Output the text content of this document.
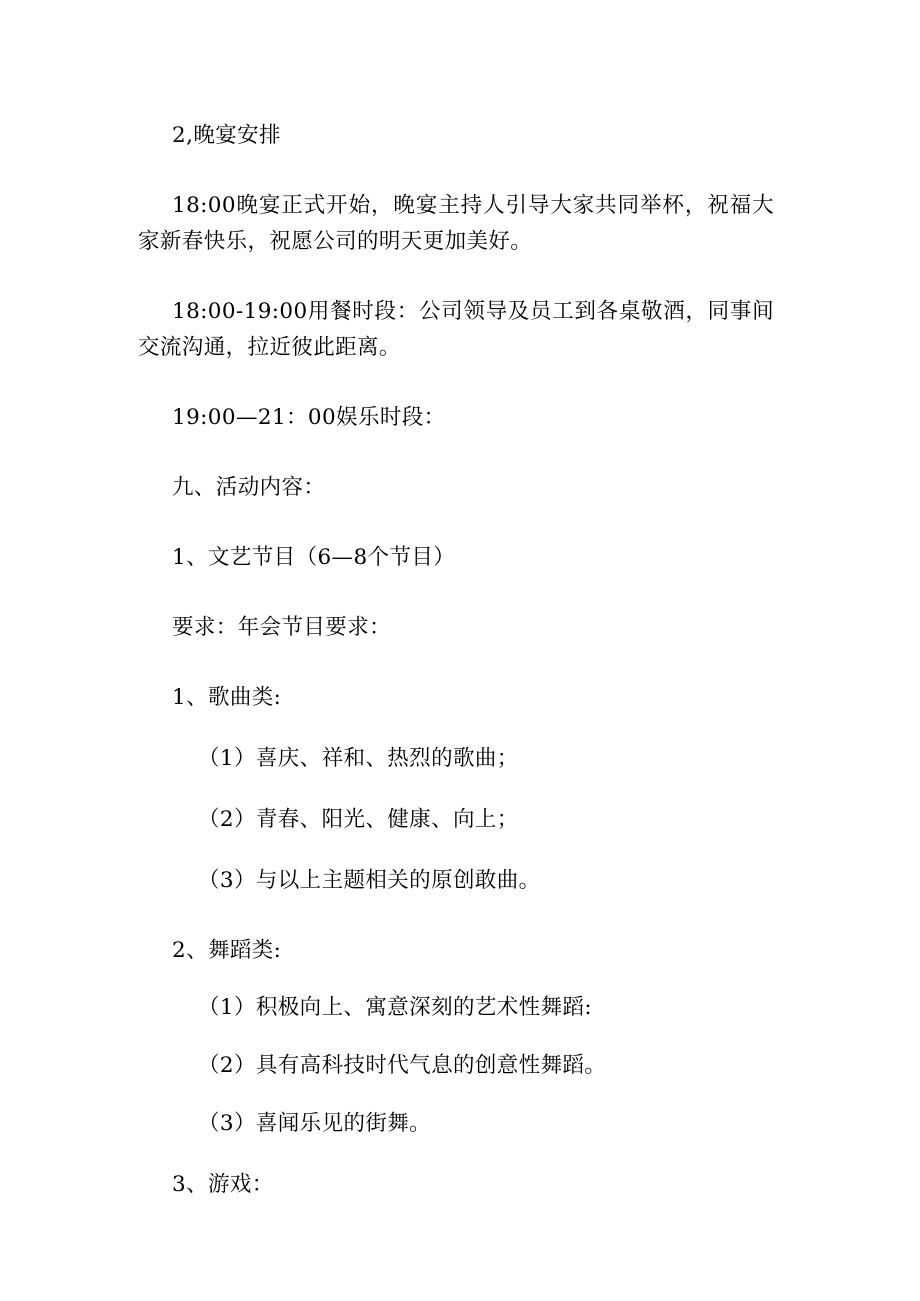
2,晚宴安排

18:00晚宴正式开始，晚宴主持人引导大家共同举杯，祝福大家新春快乐，祝愿公司的明天更加美好。

18:00-19:00用餐时段：公司领导及员工到各桌敬酒，同事间交流沟通，拉近彼此距离。

19:00—21：00娱乐时段：

九、活动内容：

1、文艺节目（6—8个节目）

要求：年会节目要求：

1、歌曲类:

（1）喜庆、祥和、热烈的歌曲；

（2）青春、阳光、健康、向上；

（3）与以上主题相关的原创敢曲。

2、舞蹈类:

（1）积极向上、寓意深刻的艺术性舞蹈:

（2）具有高科技时代气息的创意性舞蹈。

（3）喜闻乐见的街舞。

3、游戏：
